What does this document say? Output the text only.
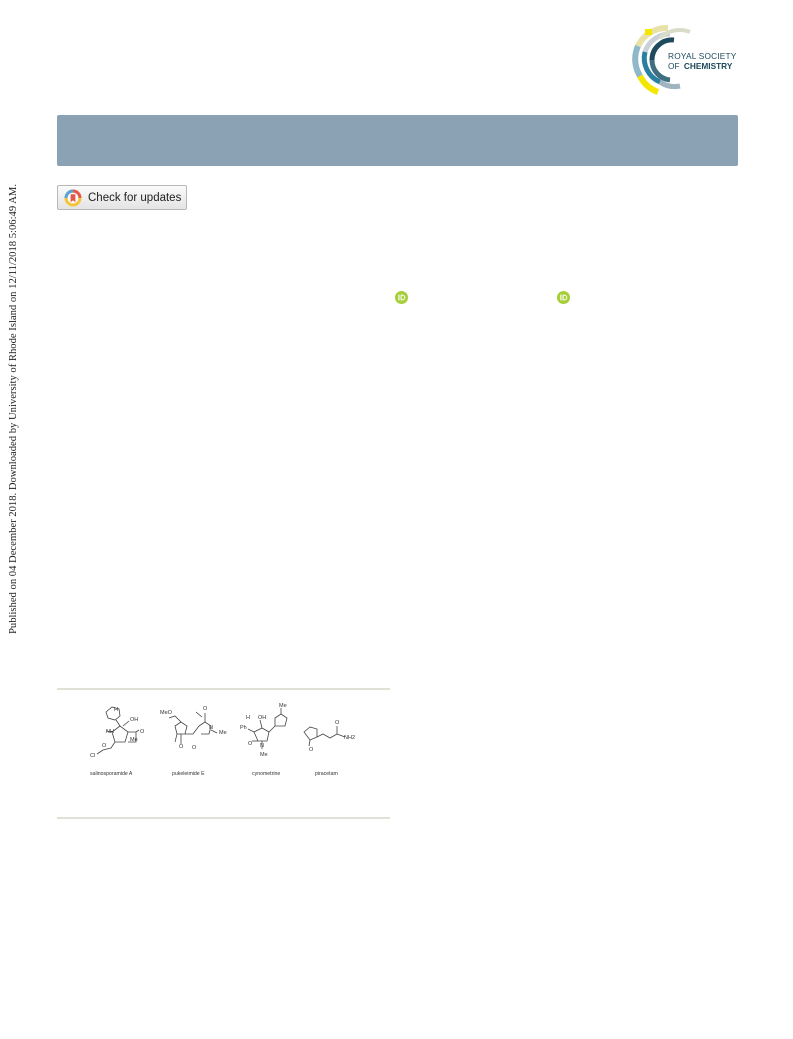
Published on 04 December 2018. Downloaded by University of Rhode Island on 12/11/2018 5:06:49 AM.
ROYAL SOCIETY
OF CHEMISTRY
Check for updates
H
OH
NH
Me
O
O
Cl
MeO
O O
O
N
Me
OH
H
Ph
O N
Me
Me
O
O
NH2
salinosporamide A	pukeleimide E	cynometrine	piracetam
